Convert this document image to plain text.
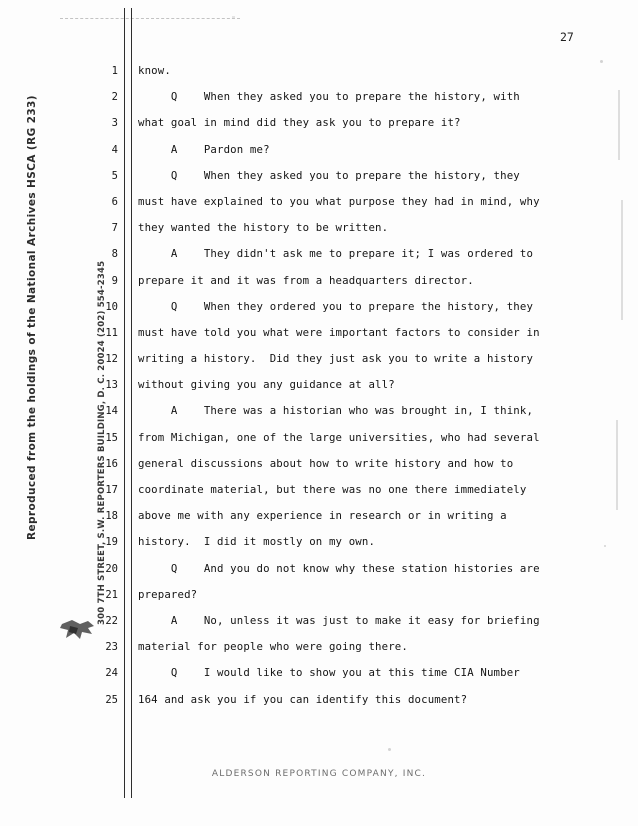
Reproduced from the holdings of the National Archives HSCA (RG 233)	300 7TH STREET, S.W. REPORTERS BUILDING, D. C. 20024 (202) 554-2345
27
1 know.
2 Q    When they asked you to prepare the history, with
3 what goal in mind did they ask you to prepare it?
4 A    Pardon me?
5 Q    When they asked you to prepare the history, they
6 must have explained to you what purpose they had in mind, why
7 they wanted the history to be written.
8 A    They didn't ask me to prepare it; I was ordered to
9 prepare it and it was from a headquarters director.
10 Q    When they ordered you to prepare the history, they
11 must have told you what were important factors to consider in
12 writing a history.  Did they just ask you to write a history
13 without giving you any guidance at all?
14 A    There was a historian who was brought in, I think,
15 from Michigan, one of the large universities, who had several
16 general discussions about how to write history and how to
17 coordinate material, but there was no one there immediately
18 above me with any experience in research or in writing a
19 history.  I did it mostly on my own.
20 Q    And you do not know why these station histories are
21 prepared?
22 A    No, unless it was just to make it easy for briefing
23 material for people who were going there.
24 Q    I would like to show you at this time CIA Number
25 164 and ask you if you can identify this document?
ALDERSON REPORTING COMPANY, INC.
